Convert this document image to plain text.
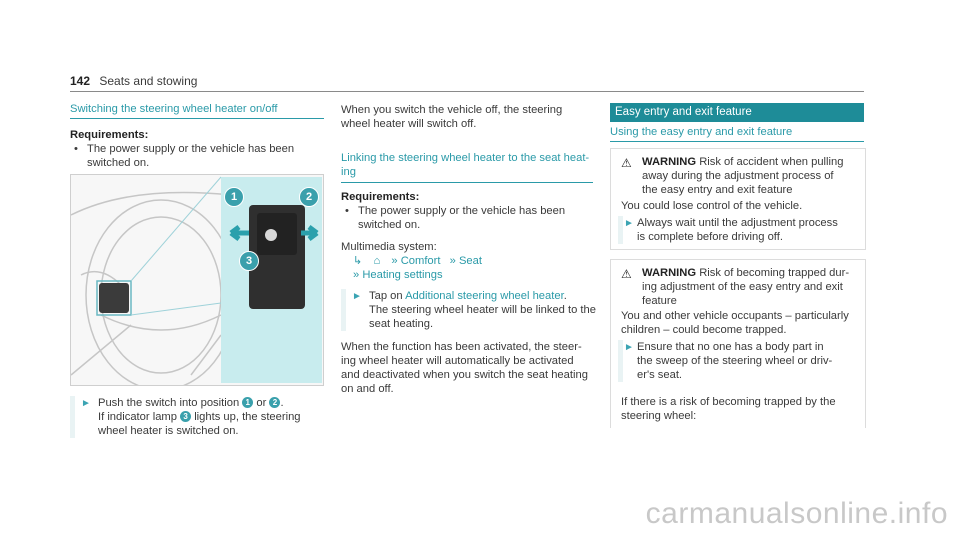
142 Seats and stowing
Switching the steering wheel heater on/off
Requirements:
• The power supply or the vehicle has been switched on.
1	2
3
► Push the switch into position 1 or 2 .
If indicator lamp 3 lights up, the steering
wheel heater is switched on.
When you switch the vehicle off, the steering
wheel heater will switch off.
Linking the steering wheel heater to the seat heat-
ing
Requirements:
• The power supply or the vehicle has been
switched on.
Multimedia system:
↳ ⌂ » Comfort » Seat
» Heating settings
► Tap on Additional steering wheel heater.
The steering wheel heater will be linked to the
seat heating.
When the function has been activated, the steer-
ing wheel heater will automatically be activated
and deactivated when you switch the seat heating
on and off.
Easy entry and exit feature
Using the easy entry and exit feature
⚠ WARNING Risk of accident when pulling
away during the adjustment process of
the easy entry and exit feature
You could lose control of the vehicle.
► Always wait until the adjustment process
is complete before driving off.
⚠ WARNING Risk of becoming trapped dur-
ing adjustment of the easy entry and exit
feature
You and other vehicle occupants – particularly
children – could become trapped.
► Ensure that no one has a body part in
the sweep of the steering wheel or driv-
er's seat.
If there is a risk of becoming trapped by the
steering wheel:
carmanualsonline.info
